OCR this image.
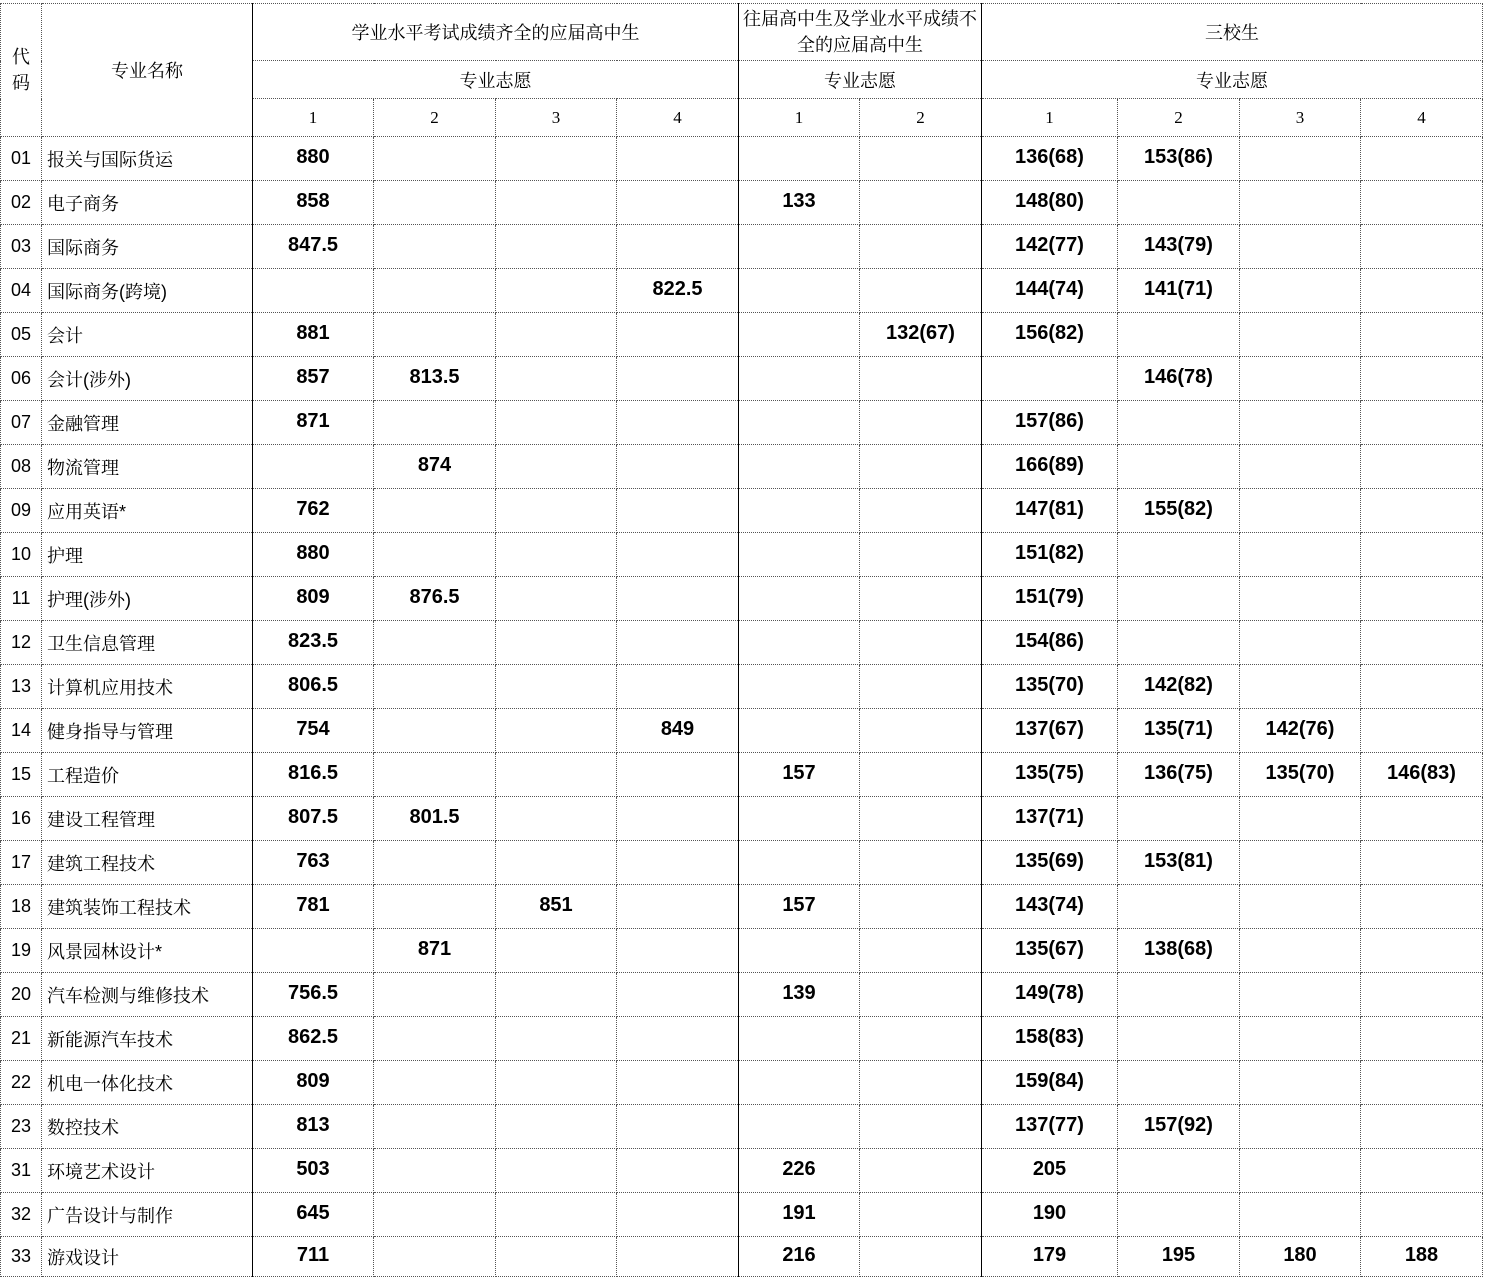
代码	专业名称	学业水平考试成绩齐全的应届高中生				往届高中生及学业水平成绩不全的应届高中生		三校生			
		专业志愿				专业志愿		专业志愿			
		1	2	3	4	1	2	1	2	3	4
01	报关与国际货运	880						136(68)	153(86)		
02	电子商务	858				133		148(80)			
03	国际商务	847.5						142(77)	143(79)		
04	国际商务(跨境)				822.5			144(74)	141(71)		
05	会计	881					132(67)	156(82)			
06	会计(涉外)	857	813.5						146(78)		
07	金融管理	871						157(86)			
08	物流管理		874					166(89)			
09	应用英语*	762						147(81)	155(82)		
10	护理	880						151(82)			
11	护理(涉外)	809	876.5					151(79)			
12	卫生信息管理	823.5						154(86)			
13	计算机应用技术	806.5						135(70)	142(82)		
14	健身指导与管理	754			849			137(67)	135(71)	142(76)	
15	工程造价	816.5				157		135(75)	136(75)	135(70)	146(83)
16	建设工程管理	807.5	801.5					137(71)			
17	建筑工程技术	763						135(69)	153(81)		
18	建筑装饰工程技术	781		851		157		143(74)			
19	风景园林设计*		871					135(67)	138(68)		
20	汽车检测与维修技术	756.5				139		149(78)			
21	新能源汽车技术	862.5						158(83)			
22	机电一体化技术	809						159(84)			
23	数控技术	813						137(77)	157(92)		
31	环境艺术设计	503				226		205			
32	广告设计与制作	645				191		190			
33	游戏设计	711				216		179	195	180	188
